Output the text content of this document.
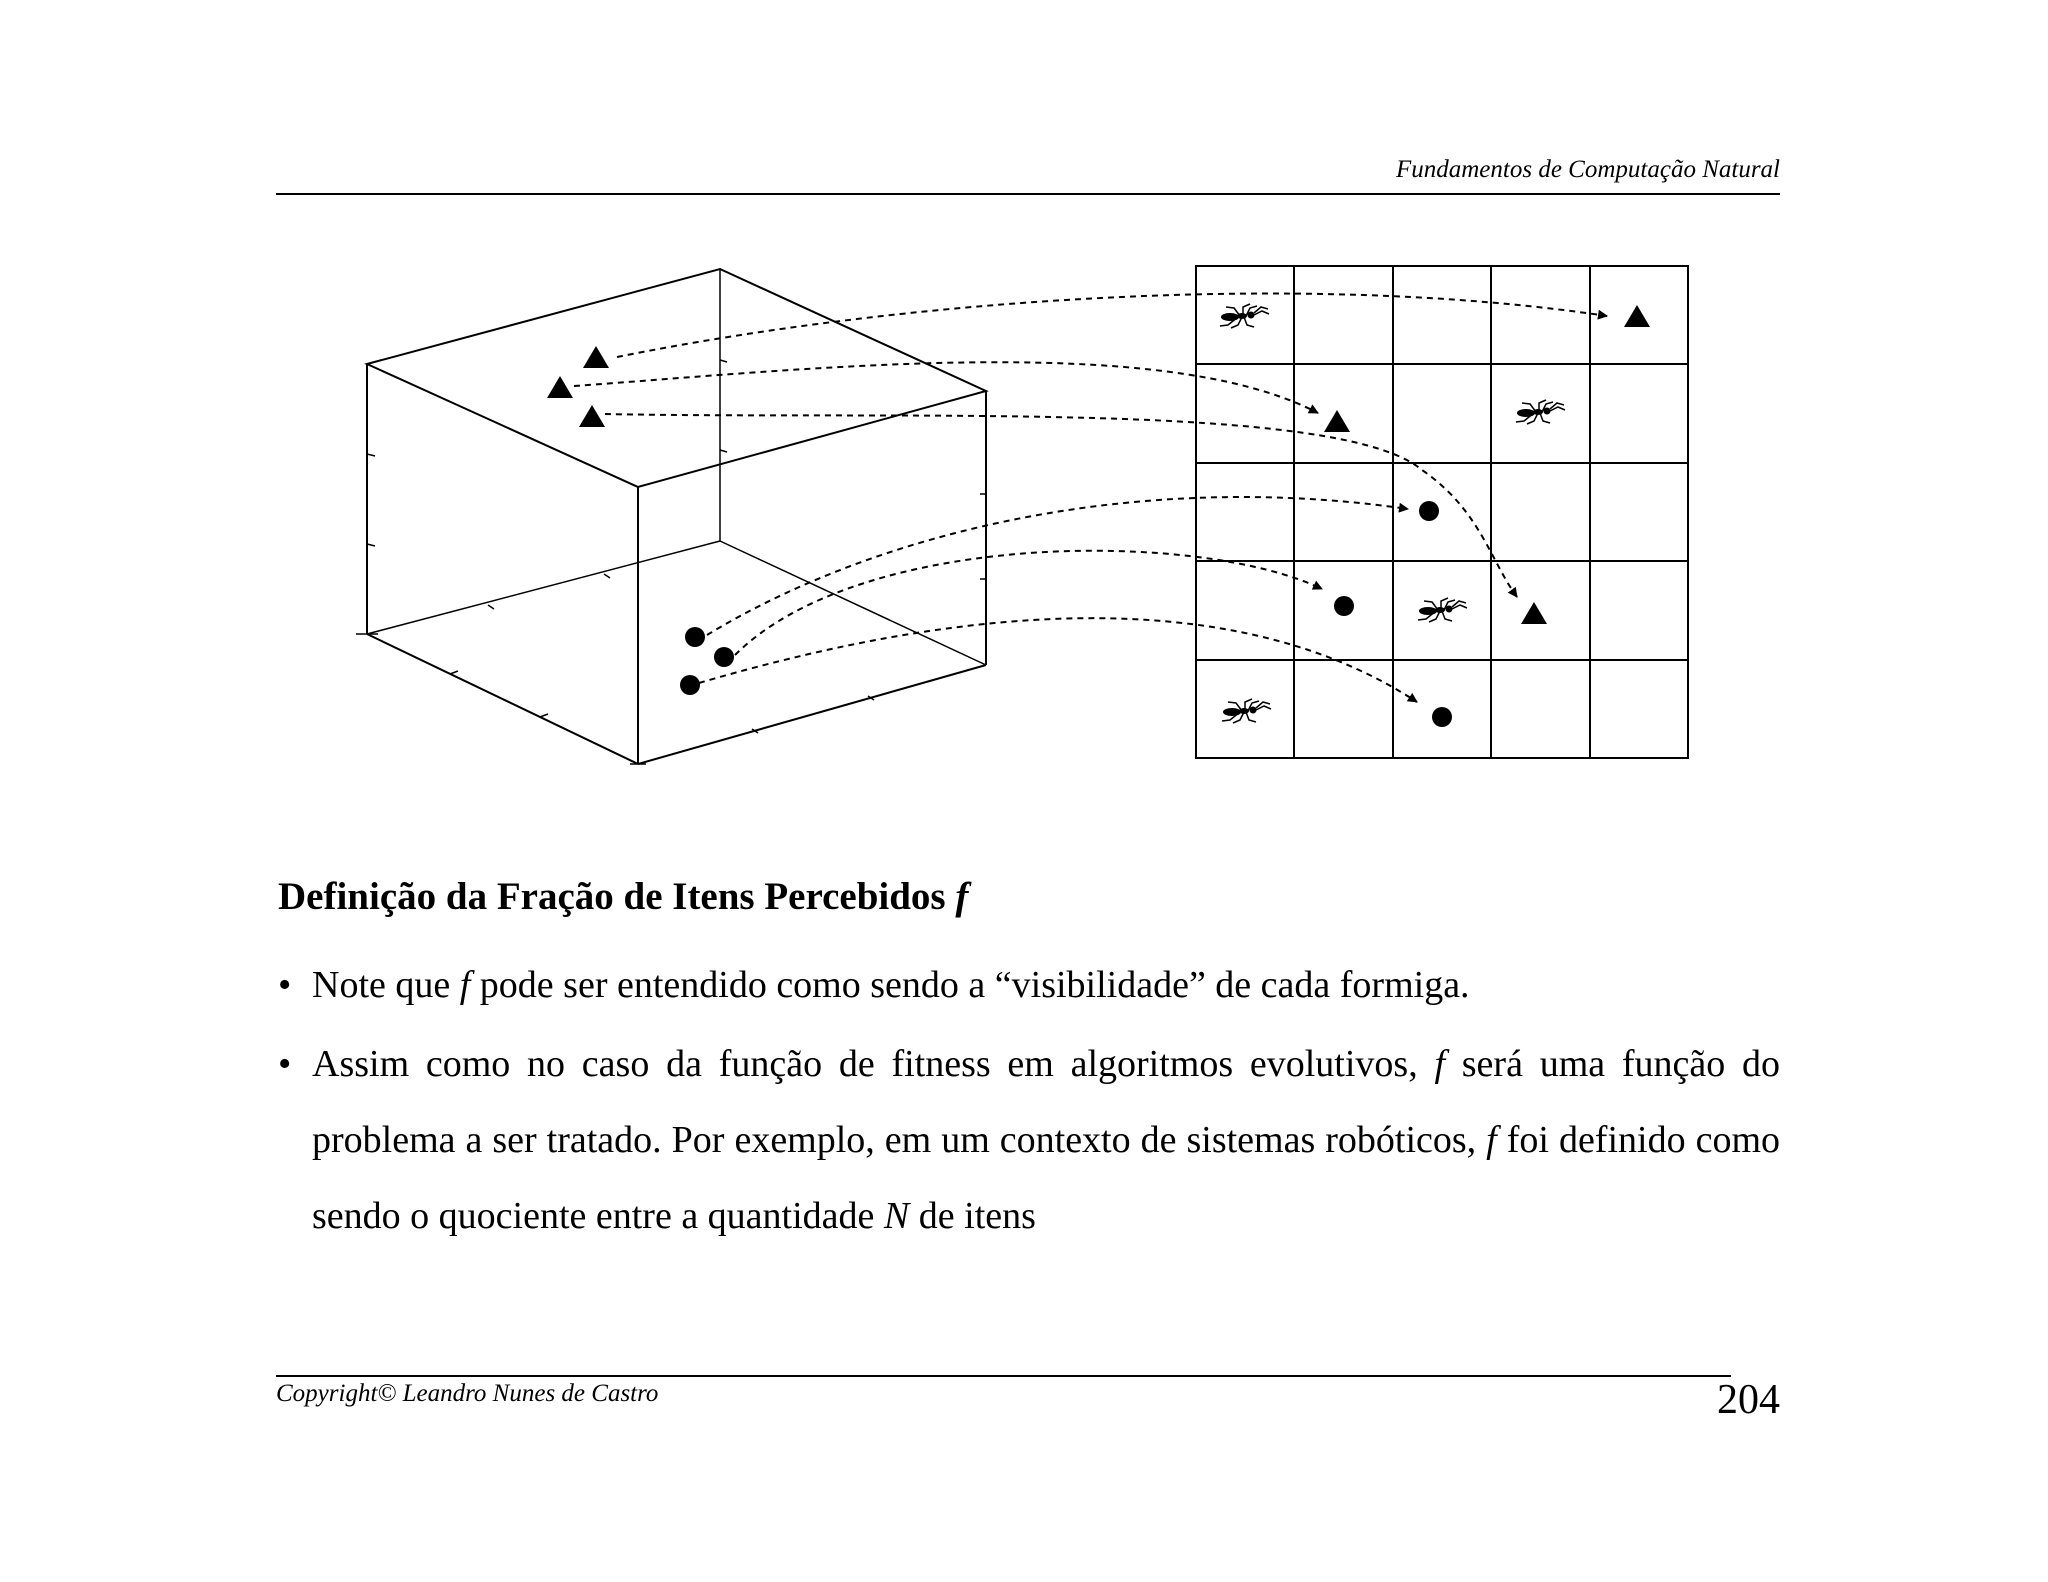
Fundamentos de Computação Natural
Definição da Fração de Itens Percebidos f
• Note que f pode ser entendido como sendo a “visibilidade” de cada formiga.
• Assim como no caso da função de fitness em algoritmos evolutivos, f será uma função do problema a ser tratado. Por exemplo, em um contexto de sistemas robóticos, f foi definido como sendo o quociente entre a quantidade N de itens
Copyright© Leandro Nunes de Castro	204
